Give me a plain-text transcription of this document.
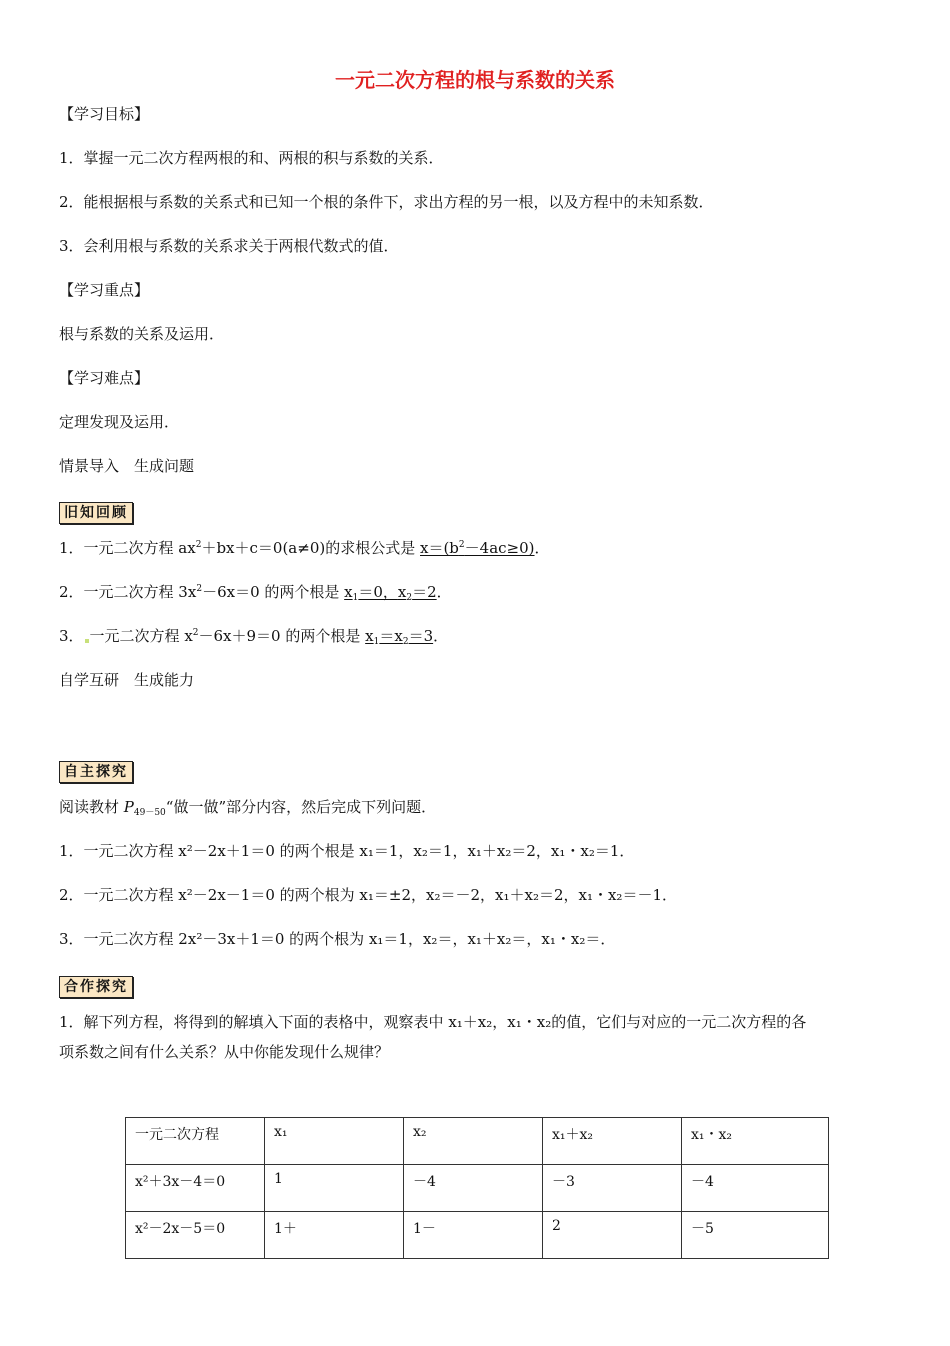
一元二次方程的根与系数的关系
【学习目标】
1．掌握一元二次方程两根的和、两根的积与系数的关系．
2．能根据根与系数的关系式和已知一个根的条件下，求出方程的另一根，以及方程中的未知系数．
3．会利用根与系数的关系求关于两根代数式的值．
【学习重点】
根与系数的关系及运用．
【学习难点】
定理发现及运用．
情景导入　生成问题
旧知回顾
1．一元二次方程 $ax^2+bx+c=0(a\ne 0)$的求根公式是 $x=(b^2-4ac\ge 0)$．
2．一元二次方程 $3x^2-6x=0$ 的两个根是 $x_1=0$，$x_2=2$．
3． 一元二次方程 $x^2-6x+9=0$ 的两个根是 $x_1=x_2=3$．
自学互研　生成能力
自主探究
阅读教材 $P_{49-50}“$做一做”部分内容，然后完成下列问题．
1．一元二次方程 x²－2x＋1＝0 的两个根是 x₁＝1，x₂＝1，x₁＋x₂＝2，x₁・x₂＝1．
2．一元二次方程 x²－2x－1＝0 的两个根为 x₁＝±2，x₂＝－2，x₁＋x₂＝2，x₁・x₂＝－1．
3．一元二次方程 2x²－3x＋1＝0 的两个根为 x₁＝1，x₂＝，x₁＋x₂＝，x₁・x₂＝．
合作探究
1．解下列方程，将得到的解填入下面的表格中，观察表中 x₁＋x₂，x₁・x₂的值，它们与对应的一元二次方程的各
项系数之间有什么关系？从中你能发现什么规律？
一元二次方程	x₁	x₂	x₁＋x₂	x₁・x₂
x²＋3x－4＝0	1	－4	－3	－4
x²－2x－5＝0	1＋	1－	2	－5
